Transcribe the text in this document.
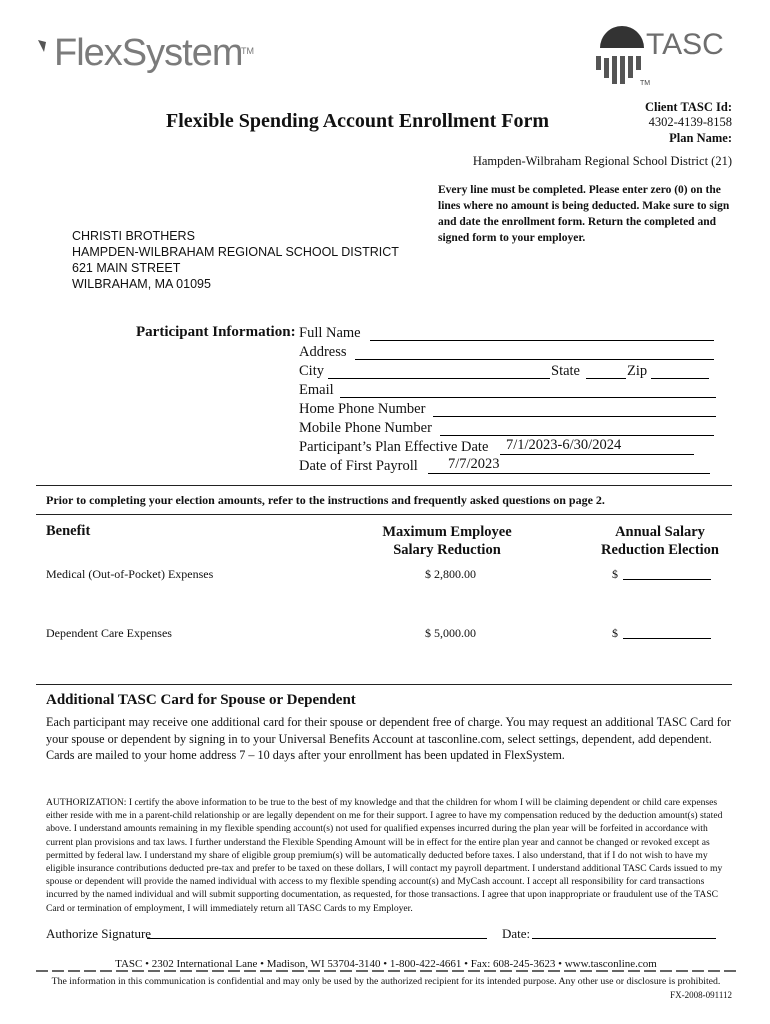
FlexSystem
TM	TASC
TM
Flexible Spending Account Enrollment Form
Client TASC Id:
4302-4139-8158
Plan Name:
Hampden-Wilbraham Regional School District (21)
Every line must be completed. Please enter zero (0) on the lines where no amount is being deducted. Make sure to sign and date the enrollment form. Return the completed and signed form to your employer.
CHRISTI BROTHERS
HAMPDEN-WILBRAHAM REGIONAL SCHOOL DISTRICT
621 MAIN STREET
WILBRAHAM, MA 01095
Participant Information: Full Name
Address
City	State	Zip
Email
Home Phone Number
Mobile Phone Number
Participant’s Plan Effective Date 7/1/2023-6/30/2024
Date of First Payroll 7/7/2023
Prior to completing your election amounts, refer to the instructions and frequently asked questions on page 2.
Benefit	Maximum Employee
Salary Reduction
Annual Salary
Reduction Election
Medical (Out-of-Pocket) Expenses	$ 2,800.00	$
Dependent Care Expenses	$ 5,000.00	$
Additional TASC Card for Spouse or Dependent
Each participant may receive one additional card for their spouse or dependent free of charge. You may request an additional TASC Card for your spouse or dependent by signing in to your Universal Benefits Account at tasconline.com, select settings, dependent, add dependent. Cards are mailed to your home address 7 – 10 days after your enrollment has been updated in FlexSystem.
AUTHORIZATION: I certify the above information to be true to the best of my knowledge and that the children for whom I will be claiming dependent or child care expenses either reside with me in a parent-child relationship or are legally dependent on me for their support. I agree to have my compensation reduced by the deduction amount(s) stated above. I understand amounts remaining in my flexible spending account(s) not used for qualified expenses incurred during the plan year will be forfeited in accordance with current plan provisions and tax laws. I further understand the Flexible Spending Amount will be in effect for the entire plan year and cannot be changed or revoked except as permitted by federal law. I understand my share of eligible group premium(s) will be automatically deducted before taxes. I also understand, that if I do not wish to have my eligible insurance contributions deducted pre-tax and prefer to be taxed on these dollars, I will contact my payroll department. I understand additional TASC Cards issued to my spouse or dependent will provide the named individual with access to my flexible spending account(s) and MyCash account. I accept all responsibility for card transactions incurred by the named individual and will submit supporting documentation, as requested, for those transactions. I agree that upon inappropriate or fraudulent use of the TASC Card or termination of employment, I will immediately return all TASC Cards to my Employer.
Authorize Signature	Date:
TASC • 2302 International Lane • Madison, WI 53704-3140 • 1-800-422-4661 • Fax: 608-245-3623 • www.tasconline.com
The information in this communication is confidential and may only be used by the authorized recipient for its intended purpose. Any other use or disclosure is prohibited.
FX-2008-091112
